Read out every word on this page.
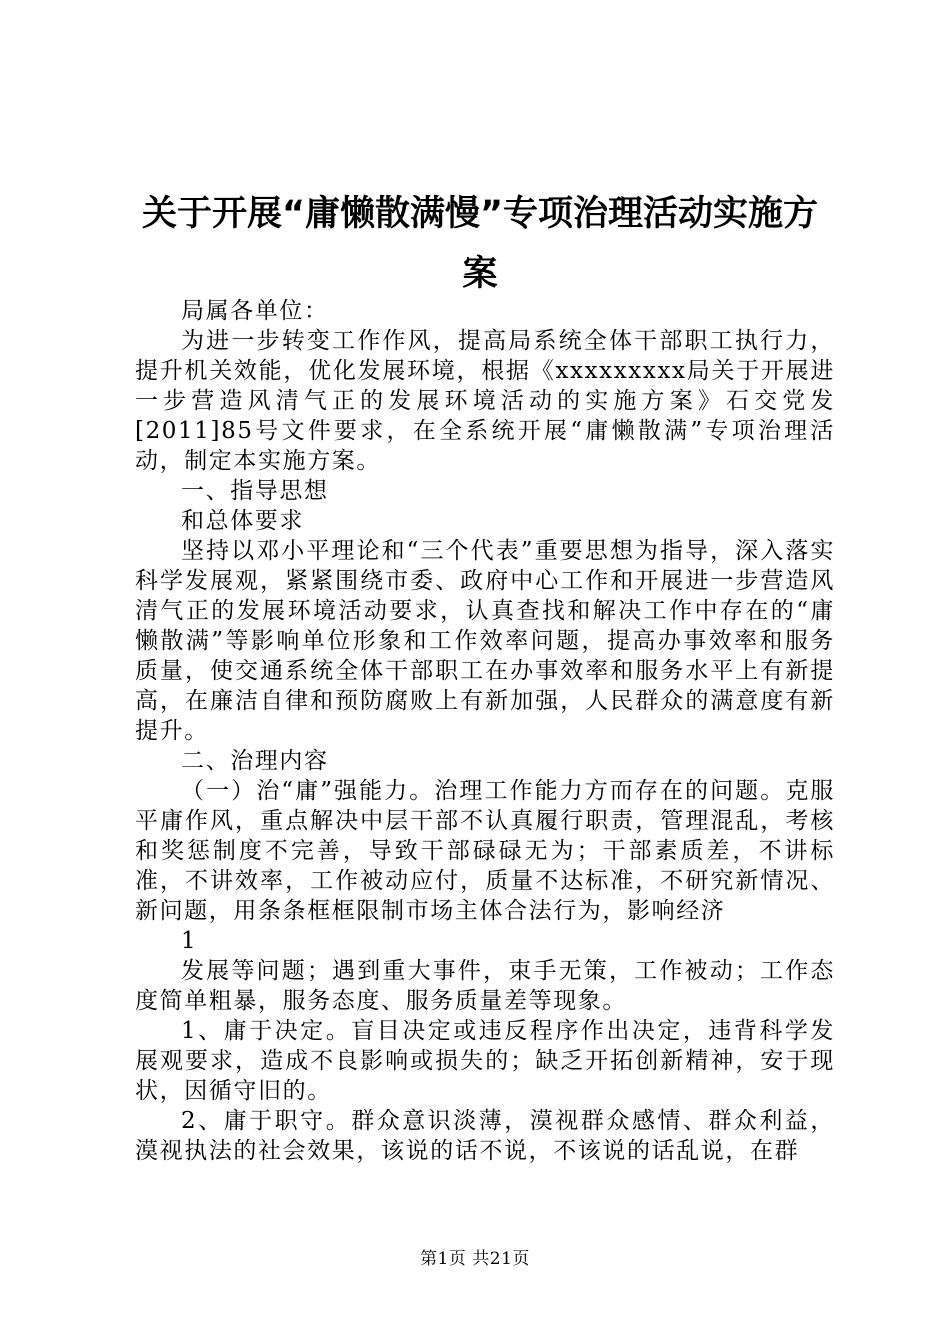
关于开展“庸懒散满慢”专项治理活动实施方
案

局属各单位：

为进一步转变工作作风，提高局系统全体干部职工执行力，提升机关效能，优化发展环境，根据《xxxxxxxxx局关于开展进一步营造风清气正的发展环境活动的实施方案》石交党发[2011]85号文件要求，在全系统开展“庸懒散满”专项治理活动，制定本实施方案。

一、指导思想

和总体要求

坚持以邓小平理论和“三个代表”重要思想为指导，深入落实科学发展观，紧紧围绕市委、政府中心工作和开展进一步营造风清气正的发展环境活动要求，认真查找和解决工作中存在的“庸懒散满”等影响单位形象和工作效率问题，提高办事效率和服务质量，使交通系统全体干部职工在办事效率和服务水平上有新提高，在廉洁自律和预防腐败上有新加强，人民群众的满意度有新提升。

二、治理内容

（一）治“庸”强能力。治理工作能力方而存在的问题。克服平庸作风，重点解决中层干部不认真履行职责，管理混乱，考核和奖惩制度不完善，导致干部碌碌无为；干部素质差，不讲标准，不讲效率，工作被动应付，质量不达标准，不研究新情况、新问题，用条条框框限制市场主体合法行为，影响经济

1

发展等问题；遇到重大事件，束手无策，工作被动；工作态度简单粗暴，服务态度、服务质量差等现象。

1、庸于决定。盲目决定或违反程序作出决定，违背科学发展观要求，造成不良影响或损失的；缺乏开拓创新精神，安于现状，因循守旧的。

2、庸于职守。群众意识淡薄，漠视群众感情、群众利益，漠视执法的社会效果，该说的话不说，不该说的话乱说，在群

第1页 共21页
